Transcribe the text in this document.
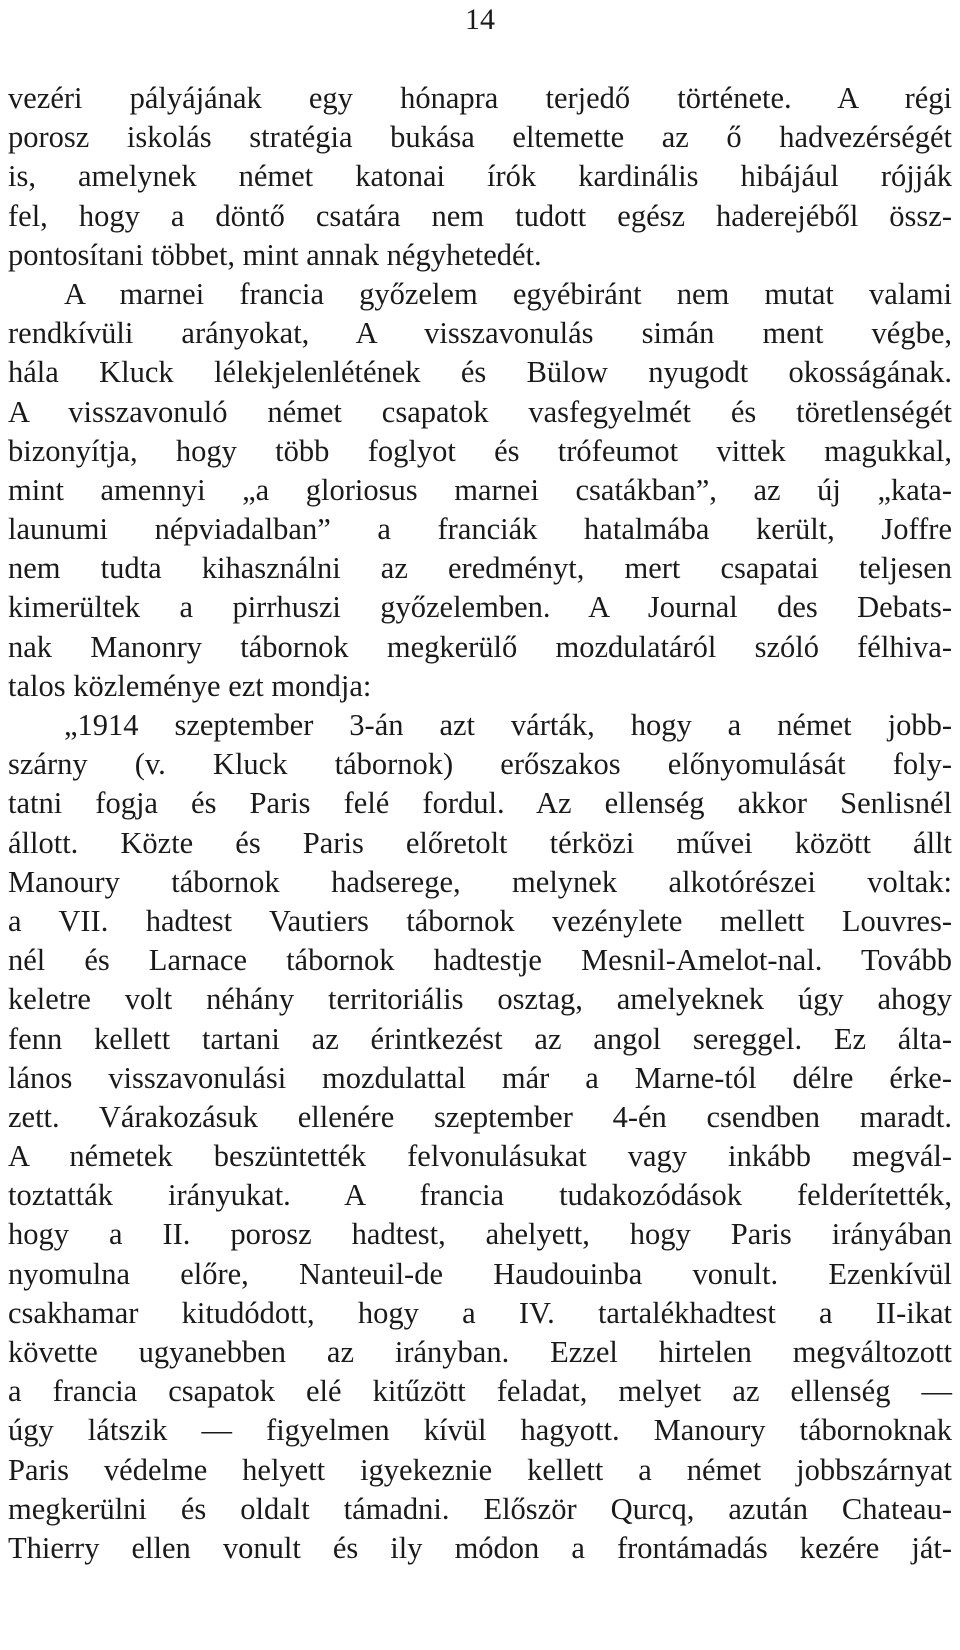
14
vezéri pályájának egy hónapra terjedő története. A régi
porosz iskolás stratégia bukása eltemette az ő hadvezérségét
is, amelynek német katonai írók kardinális hibájául rójják
fel, hogy a döntő csatára nem tudott egész haderejéből össz-
pontosítani többet, mint annak négyhetedét.
A marnei francia győzelem egyébiránt nem mutat valami
rendkívüli arányokat, A visszavonulás simán ment végbe,
hála Kluck lélekjelenlétének és Bülow nyugodt okosságának.
A visszavonuló német csapatok vasfegyelmét és töretlenségét
bizonyítja, hogy több foglyot és trófeumot vittek magukkal,
mint amennyi „a gloriosus marnei csatákban”, az új „kata-
launumi népviadalban” a franciák hatalmába került, Joffre
nem tudta kihasználni az eredményt, mert csapatai teljesen
kimerültek a pirrhuszi győzelemben. A Journal des Debats-
nak Manonry tábornok megkerülő mozdulatáról szóló félhiva-
talos közleménye ezt mondja:
„1914 szeptember 3-án azt várták, hogy a német jobb-
szárny (v. Kluck tábornok) erőszakos előnyomulását foly-
tatni fogja és Paris felé fordul. Az ellenség akkor Senlisnél
állott. Közte és Paris előretolt térközi művei között állt
Manoury tábornok hadserege, melynek alkotórészei voltak:
a VII. hadtest Vautiers tábornok vezénylete mellett Louvres-
nél és Larnace tábornok hadtestje Mesnil-Amelot-nal. Tovább
keletre volt néhány territoriális osztag, amelyeknek úgy ahogy
fenn kellett tartani az érintkezést az angol sereggel. Ez álta-
lános visszavonulási mozdulattal már a Marne-tól délre érke-
zett. Várakozásuk ellenére szeptember 4-én csendben maradt.
A németek beszüntették felvonulásukat vagy inkább megvál-
toztatták irányukat. A francia tudakozódások felderítették,
hogy a II. porosz hadtest, ahelyett, hogy Paris irányában
nyomulna előre, Nanteuil-de Haudouinba vonult. Ezenkívül
csakhamar kitudódott, hogy a IV. tartalékhadtest a II-ikat
követte ugyanebben az irányban. Ezzel hirtelen megváltozott
a francia csapatok elé kitűzött feladat, melyet az ellenség —
úgy látszik — figyelmen kívül hagyott. Manoury tábornoknak
Paris védelme helyett igyekeznie kellett a német jobbszárnyat
megkerülni és oldalt támadni. Először Qurcq, azután Chateau-
Thierry ellen vonult és ily módon a frontámadás kezére ját-
